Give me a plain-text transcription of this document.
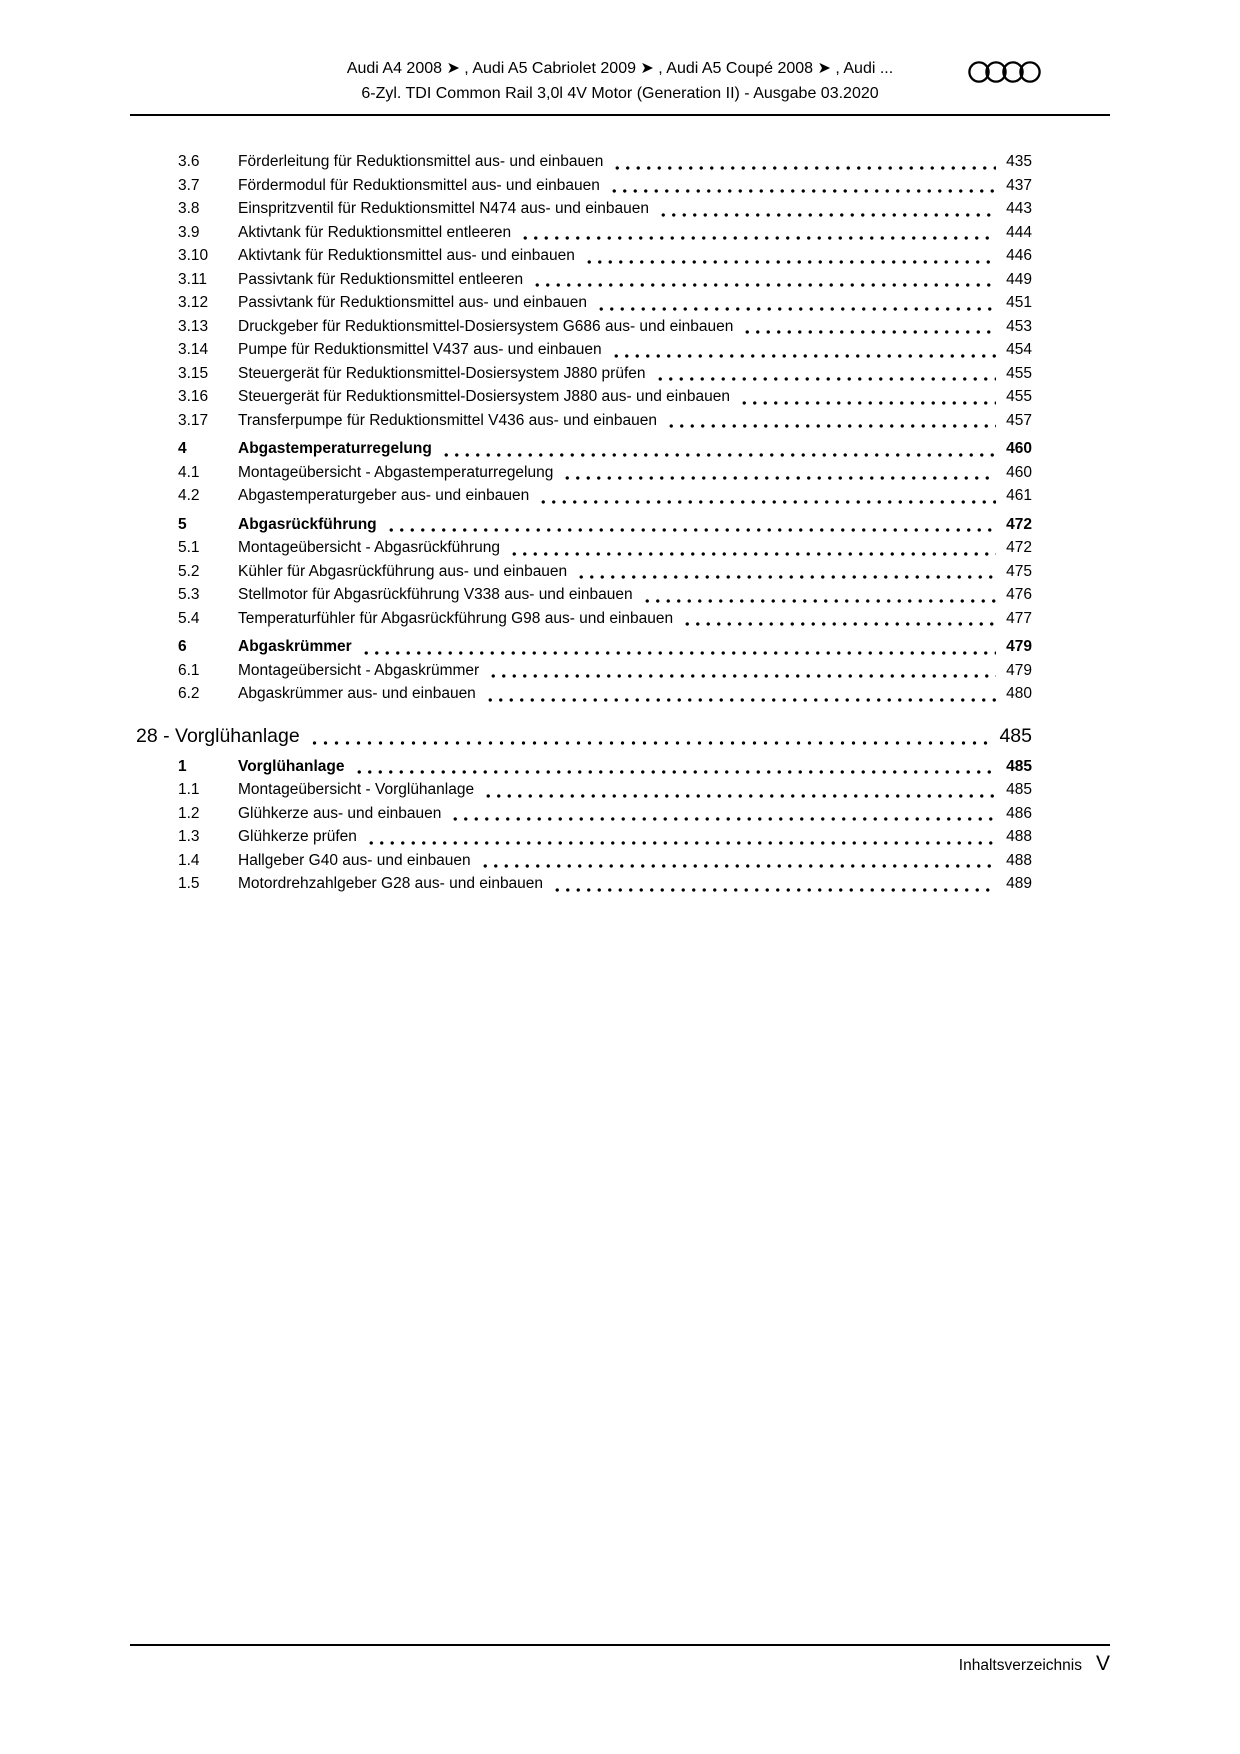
Audi A4 2008 ➤ , Audi A5 Cabriolet 2009 ➤ , Audi A5 Coupé 2008 ➤ , Audi ...
6-Zyl. TDI Common Rail 3,0l 4V Motor (Generation II) - Ausgabe 03.2020
3.6	Förderleitung für Reduktionsmittel aus- und einbauen	435
3.7	Fördermodul für Reduktionsmittel aus- und einbauen	437
3.8	Einspritzventil für Reduktionsmittel N474 aus- und einbauen	443
3.9	Aktivtank für Reduktionsmittel entleeren	444
3.10	Aktivtank für Reduktionsmittel aus- und einbauen	446
3.11	Passivtank für Reduktionsmittel entleeren	449
3.12	Passivtank für Reduktionsmittel aus- und einbauen	451
3.13	Druckgeber für Reduktionsmittel-Dosiersystem G686 aus- und einbauen	453
3.14	Pumpe für Reduktionsmittel V437 aus- und einbauen	454
3.15	Steuergerät für Reduktionsmittel-Dosiersystem J880 prüfen	455
3.16	Steuergerät für Reduktionsmittel-Dosiersystem J880 aus- und einbauen	455
3.17	Transferpumpe für Reduktionsmittel V436 aus- und einbauen	457
4	Abgastemperaturregelung	460
4.1	Montageübersicht - Abgastemperaturregelung	460
4.2	Abgastemperaturgeber aus- und einbauen	461
5	Abgasrückführung	472
5.1	Montageübersicht - Abgasrückführung	472
5.2	Kühler für Abgasrückführung aus- und einbauen	475
5.3	Stellmotor für Abgasrückführung V338 aus- und einbauen	476
5.4	Temperaturfühler für Abgasrückführung G98 aus- und einbauen	477
6	Abgaskrümmer	479
6.1	Montageübersicht - Abgaskrümmer	479
6.2	Abgaskrümmer aus- und einbauen	480
28 - Vorglühanlage	485
1	Vorglühanlage	485
1.1	Montageübersicht - Vorglühanlage	485
1.2	Glühkerze aus- und einbauen	486
1.3	Glühkerze prüfen	488
1.4	Hallgeber G40 aus- und einbauen	488
1.5	Motordrehzahlgeber G28 aus- und einbauen	489
Inhaltsverzeichnis V
